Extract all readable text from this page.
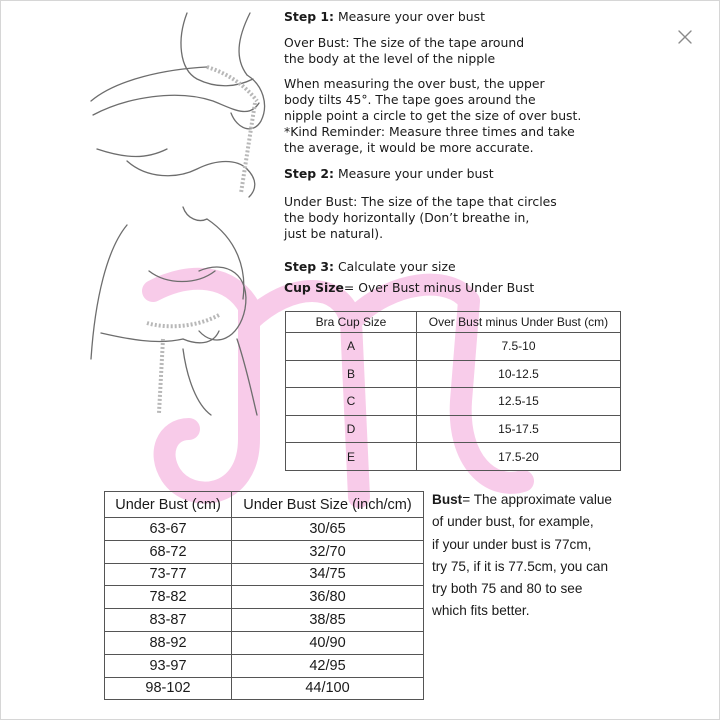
Step 1: Measure your over bust
Over Bust: The size of the tape around
the body at the level of the nipple
When measuring the over bust, the upper
body tilts 45°. The tape goes around the
nipple point a circle to get the size of over bust.
*Kind Reminder: Measure three times and take
the average, it would be more accurate.
Step 2: Measure your under bust
Under Bust: The size of the tape that circles
the body horizontally (Don’t breathe in,
just be natural).
Step 3: Calculate your size
Cup Size= Over Bust minus Under Bust
Bra Cup Size	Over Bust minus Under Bust (cm)
A	7.5-10
B	10-12.5
C	12.5-15
D	15-17.5
E	17.5-20
Under Bust (cm)	Under Bust Size (inch/cm)
63-67	30/65
68-72	32/70
73-77	34/75
78-82	36/80
83-87	38/85
88-92	40/90
93-97	42/95
98-102	44/100
Bust= The approximate value
of under bust, for example,
if your under bust is 77cm,
try 75, if it is 77.5cm, you can
try both 75 and 80 to see
which fits better.
